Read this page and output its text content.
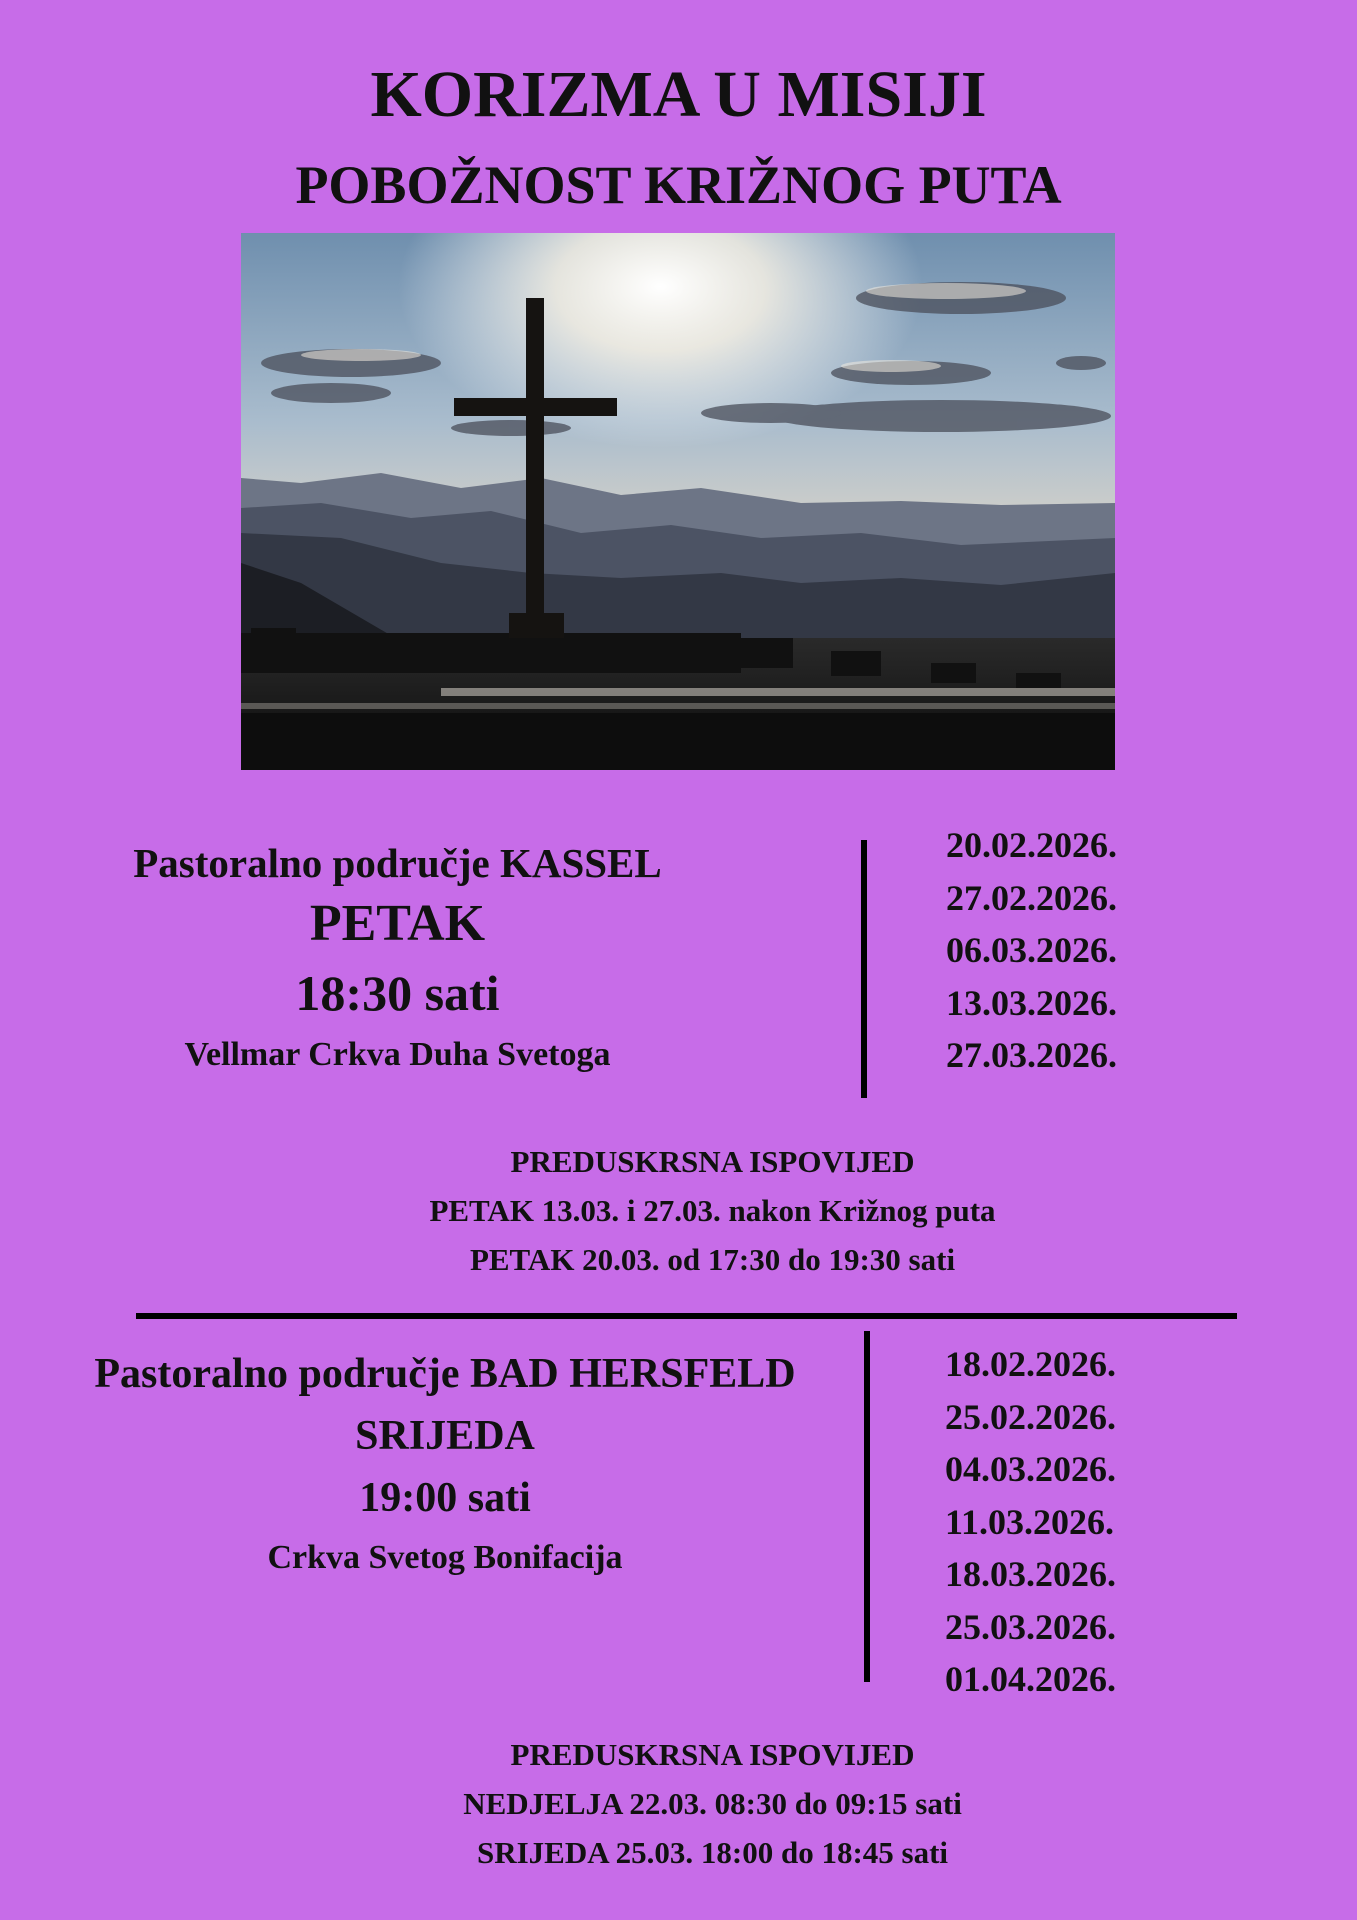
KORIZMA U MISIJI
POBOŽNOST KRIŽNOG PUTA
Pastoralno područje KASSEL
PETAK
18:30 sati
Vellmar Crkva Duha Svetoga
20.02.2026.
27.02.2026.
06.03.2026.
13.03.2026.
27.03.2026.
PREDUSKRSNA ISPOVIJED
PETAK 13.03. i 27.03. nakon Križnog puta
PETAK 20.03. od 17:30 do 19:30 sati
Pastoralno područje BAD HERSFELD
SRIJEDA
19:00 sati
Crkva Svetog Bonifacija
18.02.2026.
25.02.2026.
04.03.2026.
11.03.2026.
18.03.2026.
25.03.2026.
01.04.2026.
PREDUSKRSNA ISPOVIJED
NEDJELJA 22.03. 08:30 do 09:15 sati
SRIJEDA 25.03. 18:00 do 18:45 sati
